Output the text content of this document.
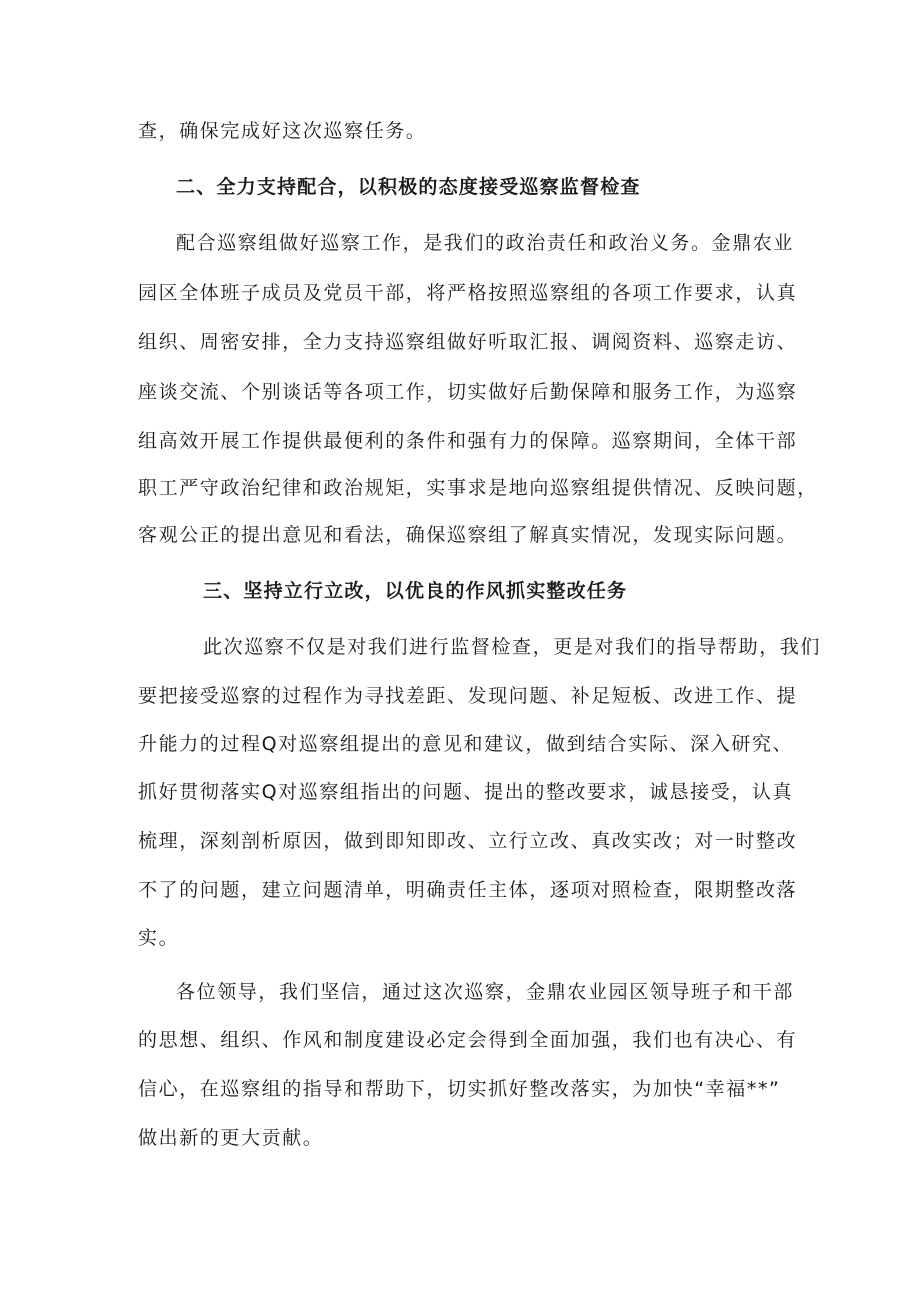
查，确保完成好这次巡察任务。
二、全力支持配合，以积极的态度接受巡察监督检查
配合巡察组做好巡察工作，是我们的政治责任和政治义务。金鼎农业
园区全体班子成员及党员干部，将严格按照巡察组的各项工作要求，认真
组织、周密安排，全力支持巡察组做好听取汇报、调阅资料、巡察走访、
座谈交流、个别谈话等各项工作，切实做好后勤保障和服务工作，为巡察
组高效开展工作提供最便利的条件和强有力的保障。巡察期间，全体干部
职工严守政治纪律和政治规矩，实事求是地向巡察组提供情况、反映问题，
客观公正的提出意见和看法，确保巡察组了解真实情况，发现实际问题。
三、坚持立行立改，以优良的作风抓实整改任务
此次巡察不仅是对我们进行监督检查，更是对我们的指导帮助，我们
要把接受巡察的过程作为寻找差距、发现问题、补足短板、改进工作、提
升能力的过程Q对巡察组提出的意见和建议，做到结合实际、深入研究、
抓好贯彻落实Q对巡察组指出的问题、提出的整改要求，诚恳接受，认真
梳理，深刻剖析原因，做到即知即改、立行立改、真改实改；对一时整改
不了的问题，建立问题清单，明确责任主体，逐项对照检查，限期整改落
实。
各位领导，我们坚信，通过这次巡察，金鼎农业园区领导班子和干部
的思想、组织、作风和制度建设必定会得到全面加强，我们也有决心、有
信心，在巡察组的指导和帮助下，切实抓好整改落实，为加快“幸福**”
做出新的更大贡献。
